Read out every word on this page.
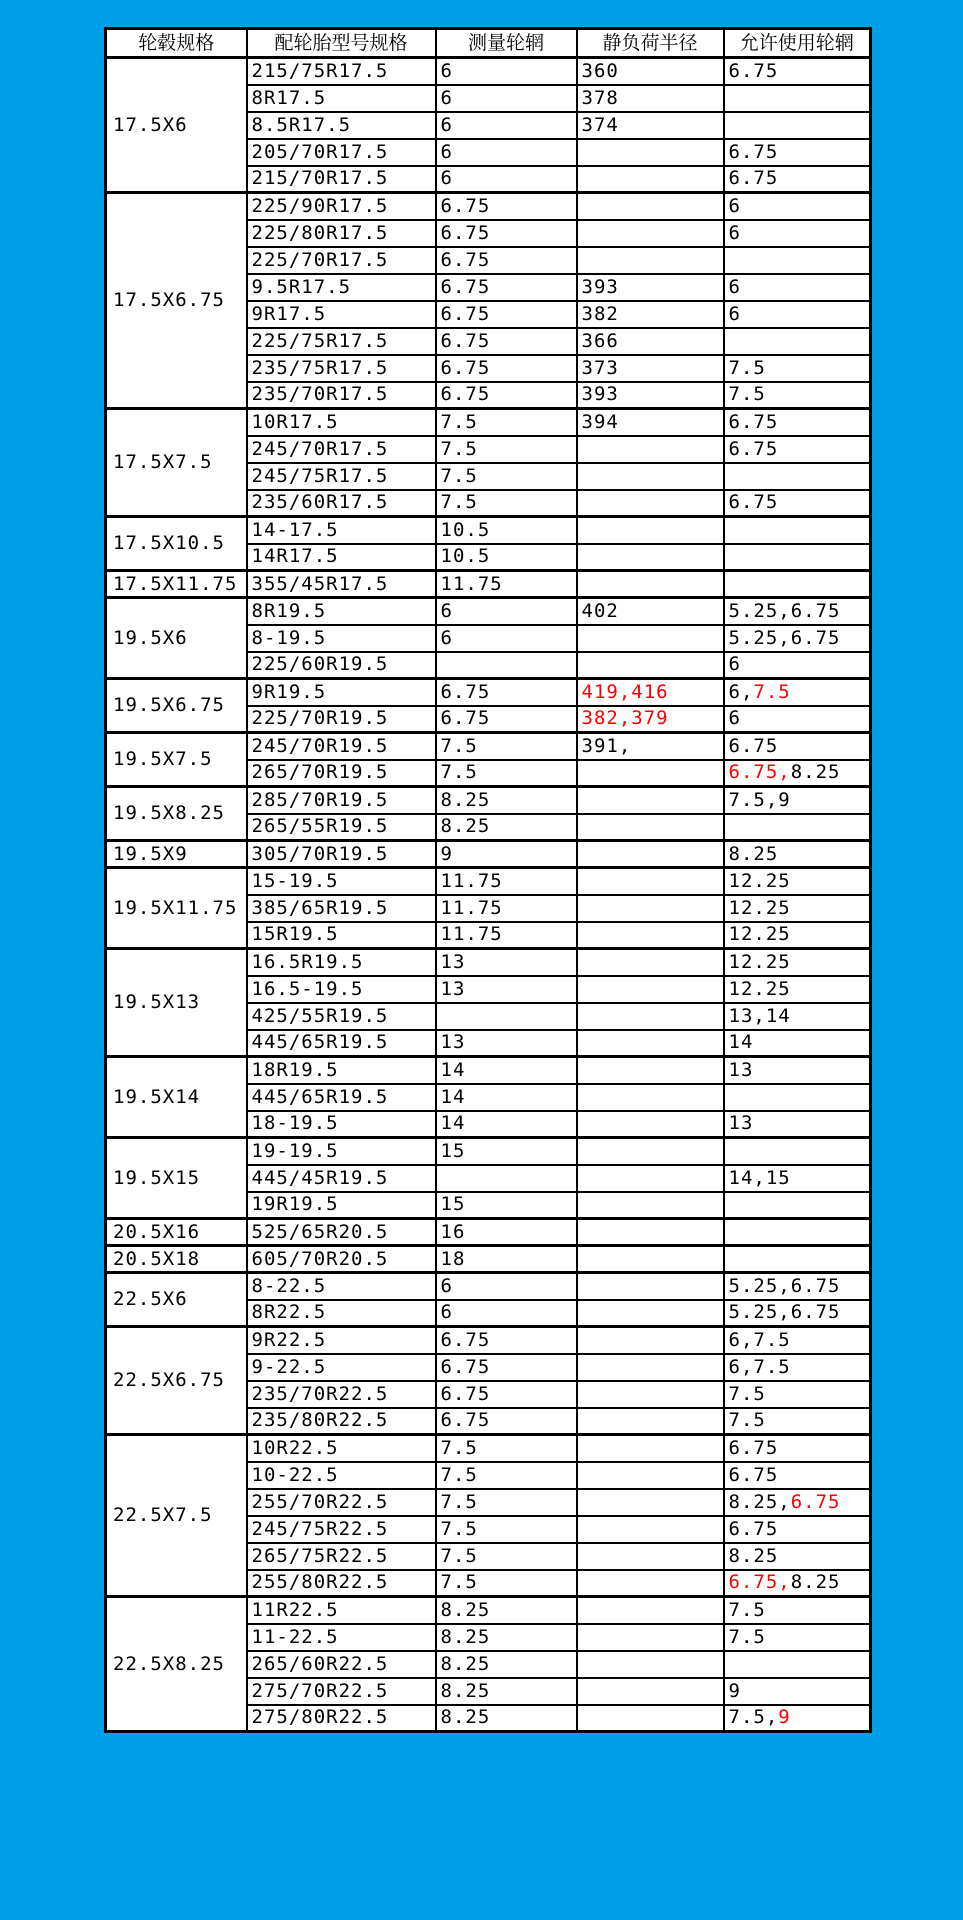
轮毂规格	配轮胎型号规格	测量轮辋	静负荷半径	允许使用轮辋
17.5X6	215/75R17.5	6	360	6.75
	8R17.5	6	378	
	8.5R17.5	6	374	
	205/70R17.5	6		6.75
	215/70R17.5	6		6.75
17.5X6.75	225/90R17.5	6.75		6
	225/80R17.5	6.75		6
	225/70R17.5	6.75		
	9.5R17.5	6.75	393	6
	9R17.5	6.75	382	6
	225/75R17.5	6.75	366	
	235/75R17.5	6.75	373	7.5
	235/70R17.5	6.75	393	7.5
17.5X7.5	10R17.5	7.5	394	6.75
	245/70R17.5	7.5		6.75
	245/75R17.5	7.5		
	235/60R17.5	7.5		6.75
17.5X10.5	14-17.5	10.5		
	14R17.5	10.5		
17.5X11.75	355/45R17.5	11.75		
19.5X6	8R19.5	6	402	5.25,6.75
	8-19.5	6		5.25,6.75
	225/60R19.5			6
19.5X6.75	9R19.5	6.75	419,416	6,7.5
	225/70R19.5	6.75	382,379	6
19.5X7.5	245/70R19.5	7.5	391,	6.75
	265/70R19.5	7.5		6.75,8.25
19.5X8.25	285/70R19.5	8.25		7.5,9
	265/55R19.5	8.25		
19.5X9	305/70R19.5	9		8.25
19.5X11.75	15-19.5	11.75		12.25
	385/65R19.5	11.75		12.25
	15R19.5	11.75		12.25
19.5X13	16.5R19.5	13		12.25
	16.5-19.5	13		12.25
	425/55R19.5			13,14
	445/65R19.5	13		14
19.5X14	18R19.5	14		13
	445/65R19.5	14		
	18-19.5	14		13
19.5X15	19-19.5	15		
	445/45R19.5			14,15
	19R19.5	15		
20.5X16	525/65R20.5	16		
20.5X18	605/70R20.5	18		
22.5X6	8-22.5	6		5.25,6.75
	8R22.5	6		5.25,6.75
22.5X6.75	9R22.5	6.75		6,7.5
	9-22.5	6.75		6,7.5
	235/70R22.5	6.75		7.5
	235/80R22.5	6.75		7.5
22.5X7.5	10R22.5	7.5		6.75
	10-22.5	7.5		6.75
	255/70R22.5	7.5		8.25,6.75
	245/75R22.5	7.5		6.75
	265/75R22.5	7.5		8.25
	255/80R22.5	7.5		6.75,8.25
22.5X8.25	11R22.5	8.25		7.5
	11-22.5	8.25		7.5
	265/60R22.5	8.25		
	275/70R22.5	8.25		9
	275/80R22.5	8.25		7.5,9
